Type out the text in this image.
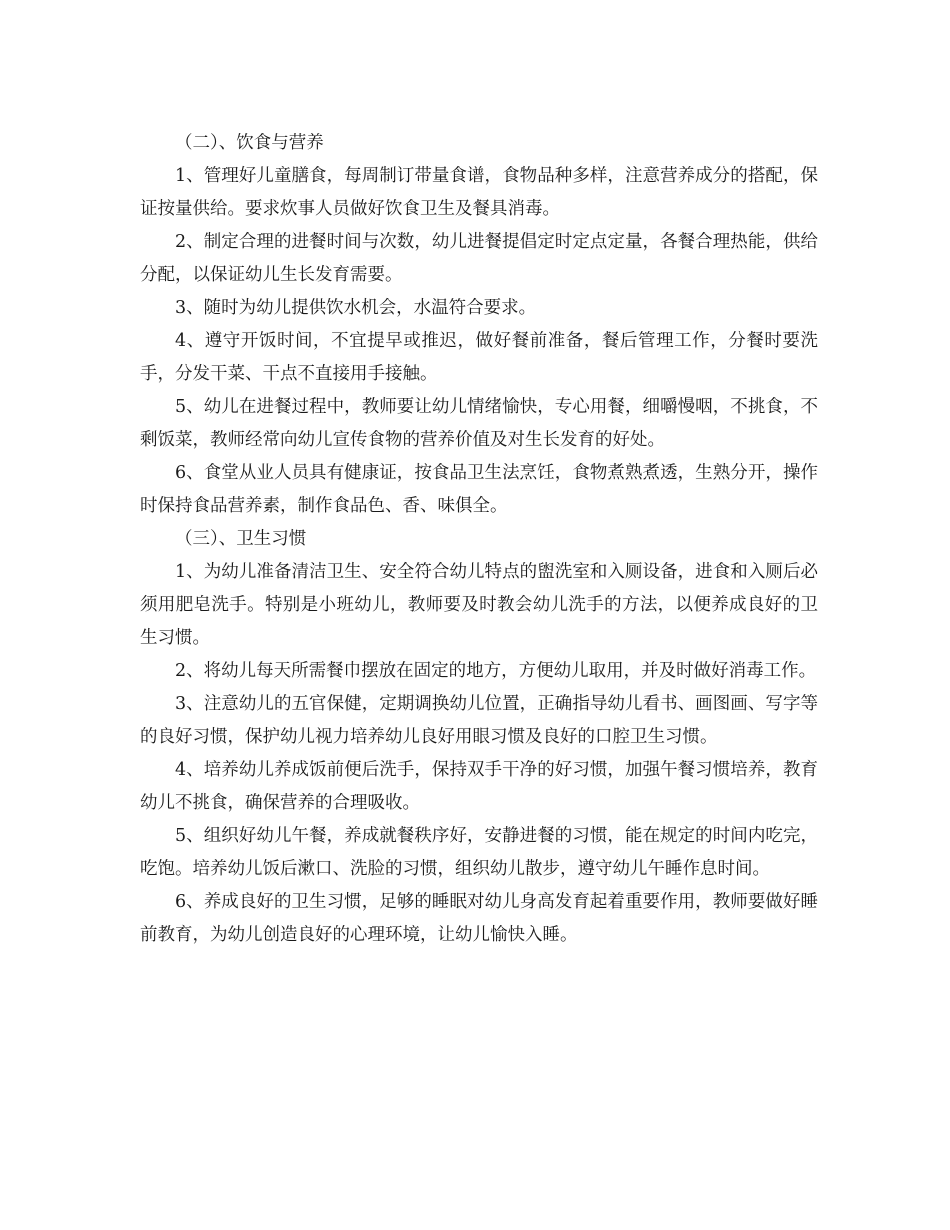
（二）、饮食与营养

1、管理好儿童膳食，每周制订带量食谱，食物品种多样，注意营养成分的搭配，保证按量供给。要求炊事人员做好饮食卫生及餐具消毒。

2、制定合理的进餐时间与次数，幼儿进餐提倡定时定点定量，各餐合理热能，供给分配，以保证幼儿生长发育需要。

3、随时为幼儿提供饮水机会，水温符合要求。

4、遵守开饭时间，不宜提早或推迟，做好餐前准备，餐后管理工作，分餐时要洗手，分发干菜、干点不直接用手接触。

5、幼儿在进餐过程中，教师要让幼儿情绪愉快，专心用餐，细嚼慢咽，不挑食，不剩饭菜，教师经常向幼儿宣传食物的营养价值及对生长发育的好处。

6、食堂从业人员具有健康证，按食品卫生法烹饪，食物煮熟煮透，生熟分开，操作时保持食品营养素，制作食品色、香、味俱全。

（三）、卫生习惯

1、为幼儿准备清洁卫生、安全符合幼儿特点的盥洗室和入厕设备，进食和入厕后必须用肥皂洗手。特别是小班幼儿，教师要及时教会幼儿洗手的方法，以便养成良好的卫生习惯。

2、将幼儿每天所需餐巾摆放在固定的地方，方便幼儿取用，并及时做好消毒工作。

3、注意幼儿的五官保健，定期调换幼儿位置，正确指导幼儿看书、画图画、写字等的良好习惯，保护幼儿视力培养幼儿良好用眼习惯及良好的口腔卫生习惯。

4、培养幼儿养成饭前便后洗手，保持双手干净的好习惯，加强午餐习惯培养，教育幼儿不挑食，确保营养的合理吸收。

5、组织好幼儿午餐，养成就餐秩序好，安静进餐的习惯，能在规定的时间内吃完，吃饱。培养幼儿饭后漱口、洗脸的习惯，组织幼儿散步，遵守幼儿午睡作息时间。

6、养成良好的卫生习惯，足够的睡眠对幼儿身高发育起着重要作用，教师要做好睡前教育，为幼儿创造良好的心理环境，让幼儿愉快入睡。
